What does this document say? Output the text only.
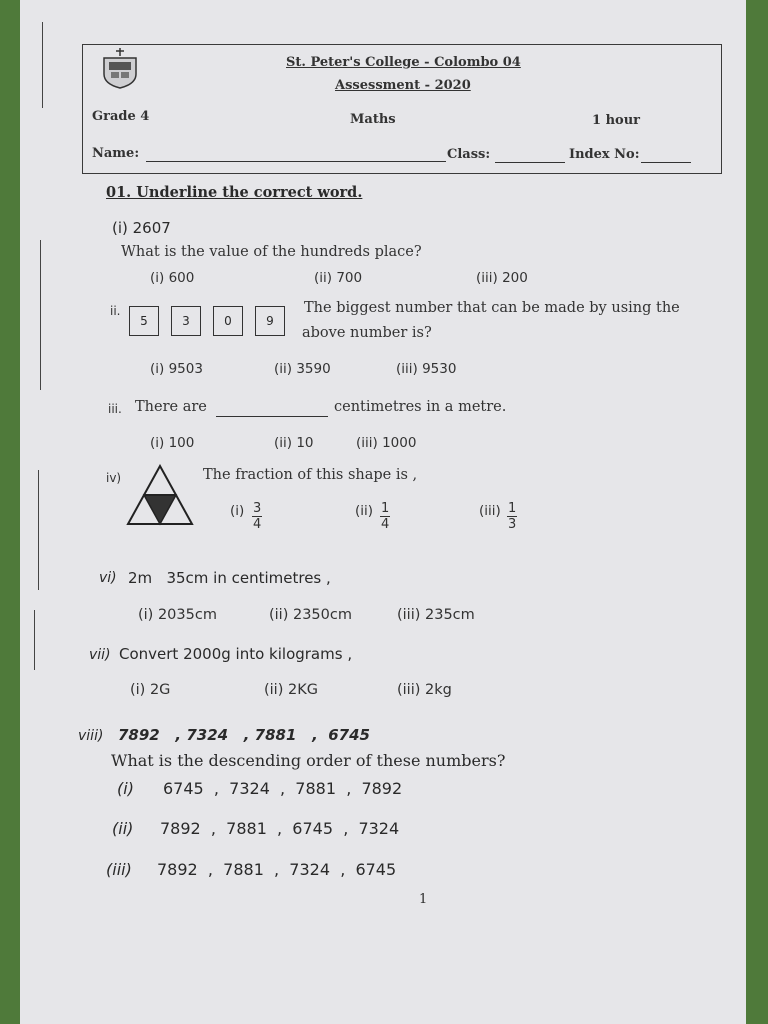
St. Peter's College - Colombo 04
Assessment - 2020
Grade 4	Maths	1 hour
Name:	Class:	Index No:
01. Underline the correct word.
(i) 2607
What is the value of the hundreds place?
(i) 600	(ii) 700	(iii) 200
ii.
5	3	0	9
The biggest number that can be made by using the
above number is?
(i) 9503	(ii) 3590	(iii) 9530
iii. There are	centimetres in a metre.
(i) 100	(ii) 10	(iii) 1000
iv)	The fraction of this shape is ,
$(i) \frac{3}{4}$	$(ii) \frac{1}{4}$	$(iii) \frac{1}{3}$
vi) 2m   35cm in centimetres ,
(i) 2035cm	(ii) 2350cm	(iii) 235cm
vii) Convert 2000g into kilograms ,
(i) 2G	(ii) 2KG	(iii) 2kg
viii) 7892   , 7324   , 7881   ,  6745
What is the descending order of these numbers?
(i) 6745  ,  7324  ,  7881  ,  7892
(ii) 7892  ,  7881  ,  6745  ,  7324
(iii) 7892  ,  7881  ,  7324  ,  6745
1
